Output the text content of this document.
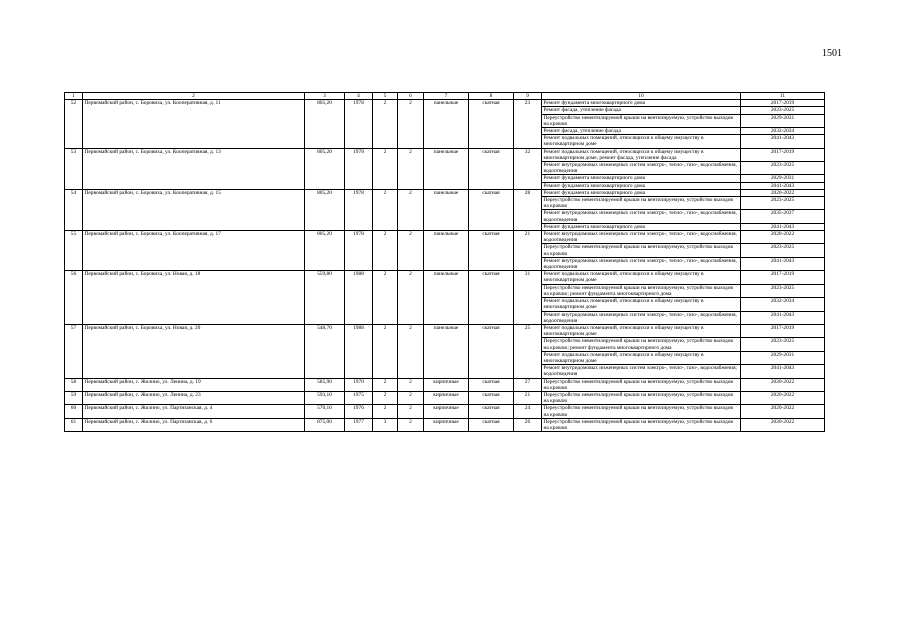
1501
1	2	3	4	5	6	7	8	9	10	11
52	Первомайский район, с. Боровиха, ул. Кооперативная, д. 11	805,20	1978	2	2	панельные	скатная	23	Ремонт фундамента многоквартирного дома	2017-2019
									Ремонт фасада, утепление фасада	2023-2025
									Переустройство невентилируемой крыши на вентилируемую, устройство выходов на кровлю	2029-2031
									Ремонт фасада, утепление фасада	2032-2034
									Ремонт подвальных помещений, относящихся к общему имуществу в многоквартирном доме	2041-2043
53	Первомайский район, с. Боровиха, ул. Кооперативная, д. 13	805,20	1978	2	2	панельные	скатная	32	Ремонт подвальных помещений, относящихся к общему имуществу в многоквартирном доме, ремонт фасада, утепление фасада	2017-2019
									Ремонт внутридомовых инженерных систем электро-, тепло-, газо-, водоснабжения, водоотведения	2023-2025
									Ремонт фундамента многоквартирного дома	2029-2031
									Ремонт фундамента многоквартирного дома	2041-2043
54	Первомайский район, с. Боровиха, ул. Кооперативная, д. 15	805,20	1978	2	2	панельные	скатная	28	Ремонт фундамента многоквартирного дома	2020-2022
									Переустройство невентилируемой крыши на вентилируемую, устройство выходов на кровлю	2023-2025
									Ремонт внутридомовых инженерных систем электро-, тепло-, газо-, водоснабжения, водоотведения	2035-2037
									Ремонт фундамента многоквартирного дома	2041-2043
55	Первомайский район, с. Боровиха, ул. Кооперативная, д. 17	805,20	1978	2	2	панельные	скатная	21	Ремонт внутридомовых инженерных систем электро-, тепло-, газо-, водоснабжения, водоотведения	2020-2022
									Переустройство невентилируемой крыши на вентилируемую, устройство выходов на кровлю	2023-2025
									Ремонт внутридомовых инженерных систем электро-, тепло-, газо-, водоснабжения, водоотведения	2041-2043
56	Первомайский район, с. Боровиха, ул. Новая, д. 18	559,80	1988	2	2	панельные	скатная	31	Ремонт подвальных помещений, относящихся к общему имуществу в многоквартирном доме	2017-2019
									Переустройство невентилируемой крыши на вентилируемую, устройство выходов на кровлю; ремонт фундамента многоквартирного дома	2023-2025
									Ремонт подвальных помещений, относящихся к общему имуществу в многоквартирном доме	2032-2034
									Ремонт внутридомовых инженерных систем электро-, тепло-, газо-, водоснабжения, водоотведения	2041-2043
57	Первомайский район, с. Боровиха, ул. Новая, д. 20	548,70	1988	2	2	панельные	скатная	25	Ремонт подвальных помещений, относящихся к общему имуществу в многоквартирном доме	2017-2019
									Переустройство невентилируемой крыши на вентилируемую, устройство выходов на кровлю; ремонт фундамента многоквартирного дома	2023-2025
									Ремонт подвальных помещений, относящихся к общему имуществу в многоквартирном доме	2029-2031
									Ремонт внутридомовых инженерных систем электро-, тепло-, газо-, водоснабжения, водоотведения	2041-2043
58	Первомайский район, с. Жилино, ул. Ленина, д. 19	585,90	1970	2	2	кирпичные	скатная	27	Переустройство невентилируемой крыши на вентилируемую, устройство выходов на кровлю	2020-2022
59	Первомайский район, с. Жилино, ул. Ленина, д. 23	593,10	1975	2	2	кирпичные	скатная	21	Переустройство невентилируемой крыши на вентилируемую, устройство выходов на кровлю	2020-2022
60	Первомайский район, с. Жилино, ул. Партизанская, д. 4	570,10	1976	2	2	кирпичные	скатная	24	Переустройство невентилируемой крыши на вентилируемую, устройство выходов на кровлю	2020-2022
61	Первомайский район, с. Жилино, ул. Партизанская, д. 6	875,00	1977	3	2	кирпичные	скатная	26	Переустройство невентилируемой крыши на вентилируемую, устройство выходов на кровлю	2020-2022
